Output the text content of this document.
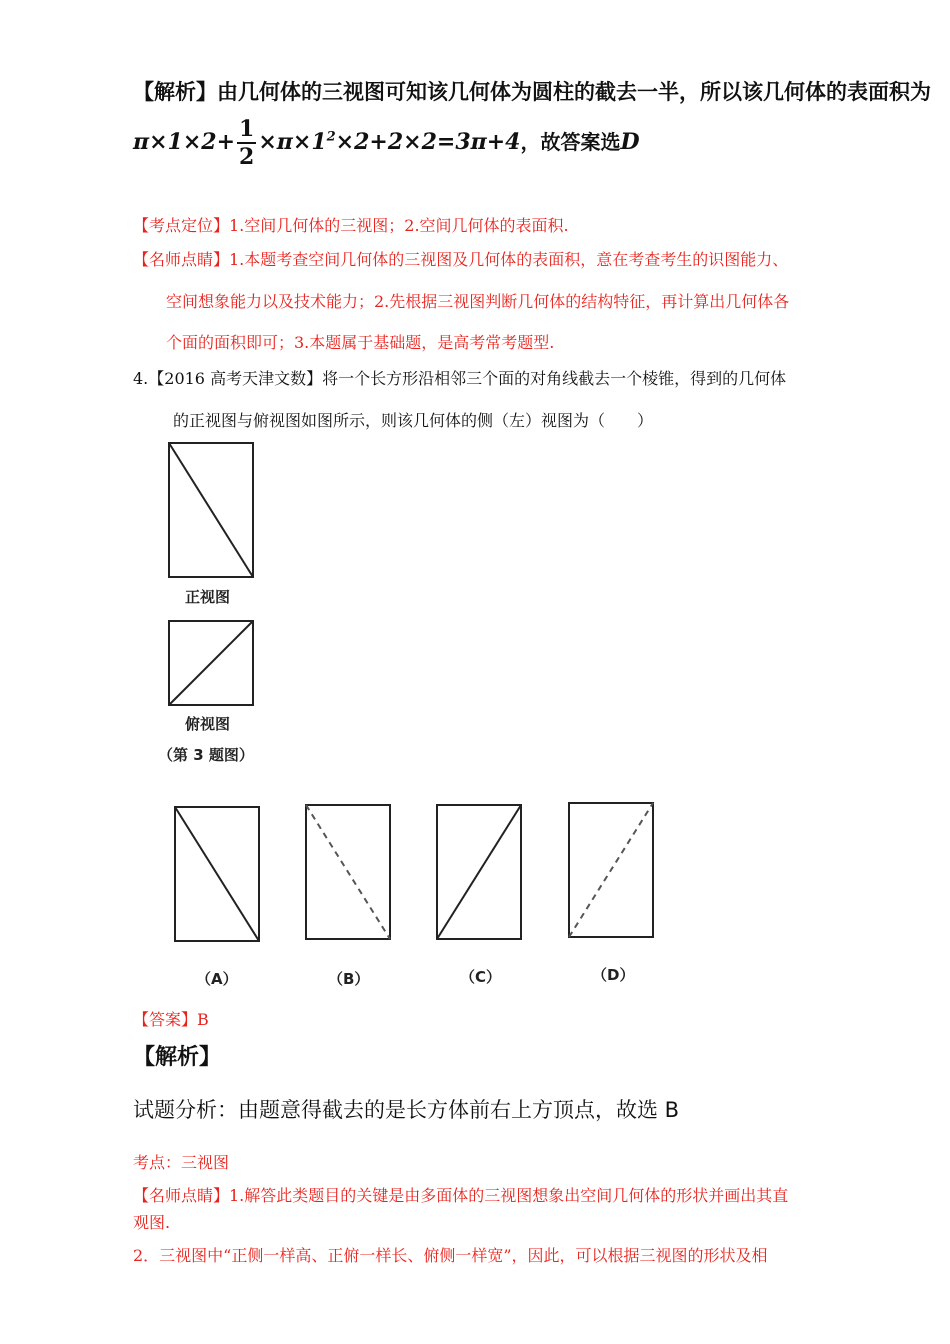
【解析】由几何体的三视图可知该几何体为圆柱的截去一半，所以该几何体的表面积为
$\pi\times 1\times 2+ \frac{1}{2} \times\pi\times 1^2\times 2+2\times 2=3\pi+4$，故答案选D
【考点定位】1.空间几何体的三视图；2.空间几何体的表面积.
【名师点睛】1.本题考查空间几何体的三视图及几何体的表面积，意在考查考生的识图能力、
空间想象能力以及技术能力；2.先根据三视图判断几何体的结构特征，再计算出几何体各
个面的面积即可；3.本题属于基础题，是高考常考题型.
4.【2016 高考天津文数】将一个长方形沿相邻三个面的对角线截去一个棱锥，得到的几何体
的正视图与俯视图如图所示，则该几何体的侧（左）视图为（　　）
正视图
俯视图
（第 3 题图）
（A）	（B）	（C）	（D）
【答案】B
【解析】
试题分析：由题意得截去的是长方体前右上方顶点，故选 B
考点：三视图
【名师点睛】1.解答此类题目的关键是由多面体的三视图想象出空间几何体的形状并画出其直
观图.
2．三视图中“正侧一样高、正俯一样长、俯侧一样宽”，因此，可以根据三视图的形状及相
